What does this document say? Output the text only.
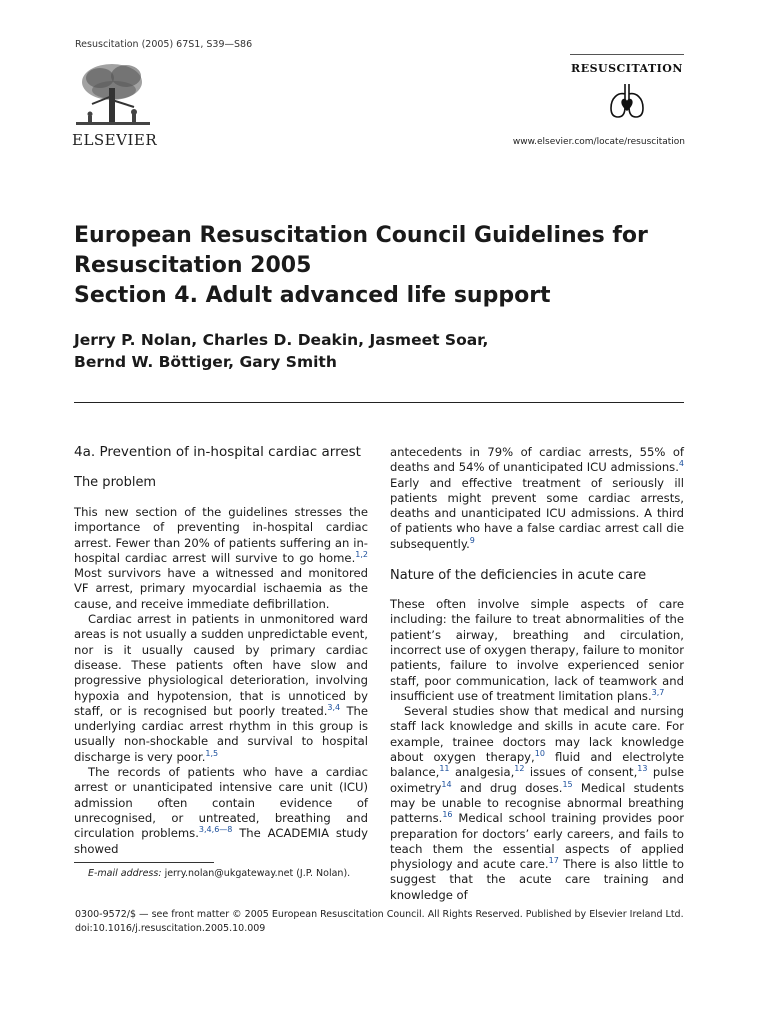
Resuscitation (2005) 67S1, S39—S86
ELSEVIER
RESUSCITATION
www.elsevier.com/locate/resuscitation
European Resuscitation Council Guidelines for
Resuscitation 2005
Section 4. Adult advanced life support
Jerry P. Nolan, Charles D. Deakin, Jasmeet Soar,
Bernd W. Böttiger, Gary Smith
4a. Prevention of in-hospital cardiac arrest
The problem

This new section of the guidelines stresses the importance of preventing in-hospital cardiac arrest. Fewer than 20% of patients suffering an in-hospital cardiac arrest will survive to go home.$^{1,2}$ Most survivors have a witnessed and monitored VF arrest, primary myocardial ischaemia as the cause, and receive immediate defibrillation.

Cardiac arrest in patients in unmonitored ward areas is not usually a sudden unpredictable event, nor is it usually caused by primary cardiac disease. These patients often have slow and progressive physiological deterioration, involving hypoxia and hypotension, that is unnoticed by staff, or is recognised but poorly treated.$^{3,4}$ The underlying cardiac arrest rhythm in this group is usually non-shockable and survival to hospital discharge is very poor.$^{1,5}$

The records of patients who have a cardiac arrest or unanticipated intensive care unit (ICU) admission often contain evidence of unrecognised, or untreated, breathing and circulation problems.$^{3,4,6—8}$ The ACADEMIA study showed

antecedents in 79% of cardiac arrests, 55% of deaths and 54% of unanticipated ICU admissions.$^4$ Early and effective treatment of seriously ill patients might prevent some cardiac arrests, deaths and unanticipated ICU admissions. A third of patients who have a false cardiac arrest call die subsequently.$^9$

Nature of the deficiencies in acute care

These often involve simple aspects of care including: the failure to treat abnormalities of the patient’s airway, breathing and circulation, incorrect use of oxygen therapy, failure to monitor patients, failure to involve experienced senior staff, poor communication, lack of teamwork and insufficient use of treatment limitation plans.$^{3,7}$

Several studies show that medical and nursing staff lack knowledge and skills in acute care. For example, trainee doctors may lack knowledge about oxygen therapy,$^{10}$ fluid and electrolyte balance,$^{11}$ analgesia,$^{12}$ issues of consent,$^{13}$ pulse oximetry$^{14}$ and drug doses.$^{15}$ Medical students may be unable to recognise abnormal breathing patterns.$^{16}$ Medical school training provides poor preparation for doctors’ early careers, and fails to teach them the essential aspects of applied physiology and acute care.$^{17}$ There is also little to suggest that the acute care training and knowledge of

E-mail address: jerry.nolan@ukgateway.net (J.P. Nolan).
0300-9572/$ — see front matter © 2005 European Resuscitation Council. All Rights Reserved. Published by Elsevier Ireland Ltd.
doi:10.1016/j.resuscitation.2005.10.009
